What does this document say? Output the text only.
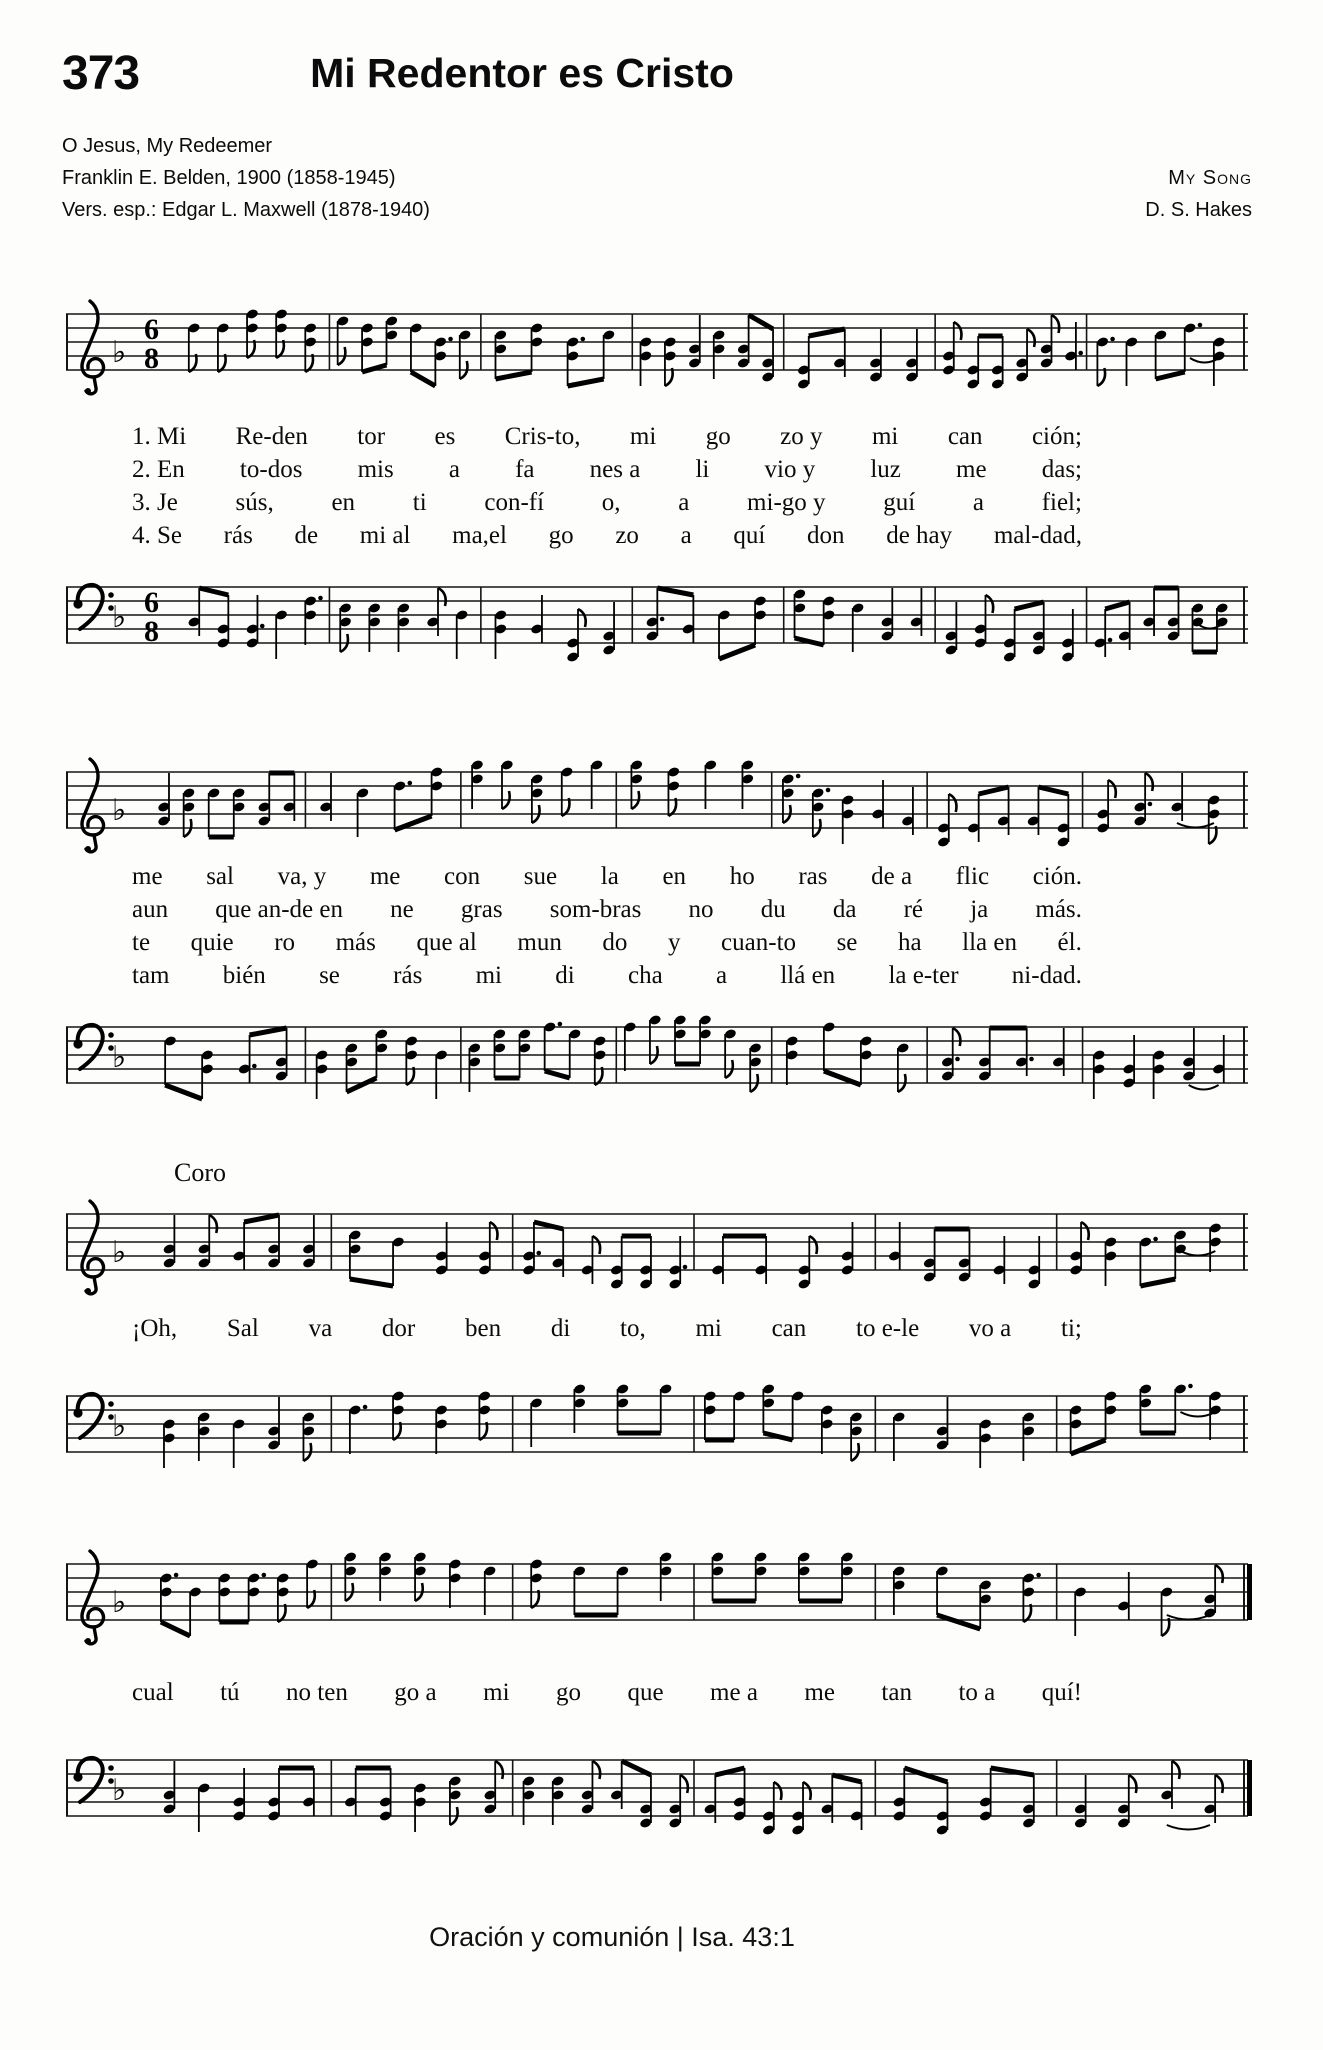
373	Mi Redentor es Cristo
O Jesus, My Redeemer
Franklin E. Belden, 1900 (1858-1945)
Vers. esp.: Edgar L. Maxwell (1878-1940)
My Song
D. S. Hakes
♭
6
8
1. Mi Re-den tor es Cris-to, mi go zo y mi can ción;
2. En to-dos mis a fa nes a li vio y luz me das;
3. Je sús, en ti con-fí o, a mi-go y guí a fiel;
4. Se rás de mi al ma,el go zo a quí don de hay mal-dad,
♭ 6
8
♭
me sal va, y me con sue la en ho ras de a flic ción.
aun que an-de en ne gras som-bras no du da ré ja más.
te quie ro más que al mun do y cuan-to se ha lla en él.
tam bién se rás mi di cha a llá en la e-ter ni-dad.
♭
Coro
♭
¡Oh, Sal va dor ben di to, mi can to e-le vo a ti;
♭
♭
cual tú no ten go a mi go que me a me tan to a quí!
♭
Oración y comunión | Isa. 43:1
